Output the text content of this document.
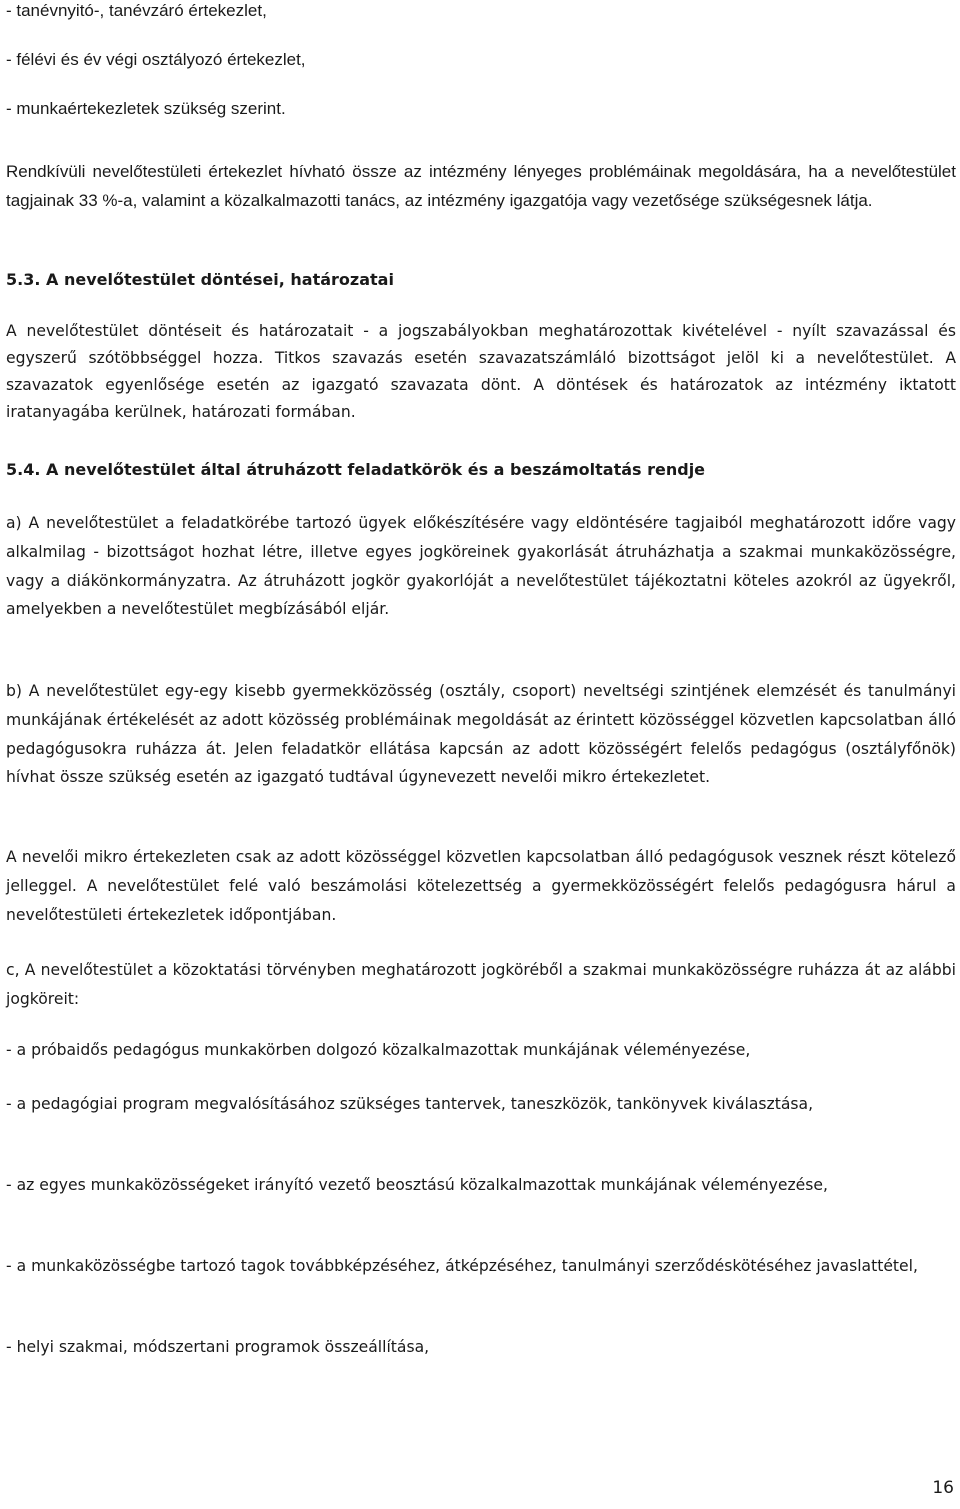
- tanévnyitó-, tanévzáró értekezlet,

- félévi és év végi osztályozó értekezlet,

- munkaértekezletek szükség szerint.

Rendkívüli nevelőtestületi értekezlet hívható össze az intézmény lényeges problémáinak megoldására, ha a nevelőtestület tagjainak 33 %-a, valamint a közalkalmazotti tanács, az intézmény igazgatója vagy vezetősége szükségesnek látja.

5.3. A nevelőtestület döntései, határozatai

A nevelőtestület döntéseit és határozatait - a jogszabályokban meghatározottak kivételével - nyílt szavazással és egyszerű szótöbbséggel hozza. Titkos szavazás esetén szavazatszámláló bizottságot jelöl ki a nevelőtestület. A szavazatok egyenlősége esetén az igazgató szavazata dönt. A döntések és határozatok az intézmény iktatott iratanyagába kerülnek, határozati formában.

5.4. A nevelőtestület által átruházott feladatkörök és a beszámoltatás rendje

a) A nevelőtestület a feladatkörébe tartozó ügyek előkészítésére vagy eldöntésére tagjaiból meghatározott időre vagy alkalmilag - bizottságot hozhat létre, illetve egyes jogköreinek gyakorlását átruházhatja a szakmai munkaközösségre, vagy a diákönkormányzatra. Az átruházott jogkör gyakorlóját a nevelőtestület tájékoztatni köteles azokról az ügyekről, amelyekben a nevelőtestület megbízásából eljár.

b) A nevelőtestület egy-egy kisebb gyermekközösség (osztály, csoport) neveltségi szintjének elemzését és tanulmányi munkájának értékelését az adott közösség problémáinak megoldását az érintett közösséggel közvetlen kapcsolatban álló pedagógusokra ruházza át. Jelen feladatkör ellátása kapcsán az adott közösségért felelős pedagógus (osztályfőnök) hívhat össze szükség esetén az igazgató tudtával úgynevezett nevelői mikro értekezletet.

A nevelői mikro értekezleten csak az adott közösséggel közvetlen kapcsolatban álló pedagógusok vesznek részt kötelező jelleggel. A nevelőtestület felé való beszámolási kötelezettség a gyermekközösségért felelős pedagógusra hárul a nevelőtestületi értekezletek időpontjában.

c, A nevelőtestület a közoktatási törvényben meghatározott jogköréből a szakmai munkaközösségre ruházza át az alábbi jogköreit:

- a próbaidős pedagógus munkakörben dolgozó közalkalmazottak munkájának véleményezése,

- a pedagógiai program megvalósításához szükséges tantervek, taneszközök, tankönyvek kiválasztása,

- az egyes munkaközösségeket irányító vezető beosztású közalkalmazottak munkájának véleményezése,

- a munkaközösségbe tartozó tagok továbbképzéséhez, átképzéséhez, tanulmányi szerződéskötéséhez javaslattétel,

- helyi szakmai, módszertani programok összeállítása,

16
